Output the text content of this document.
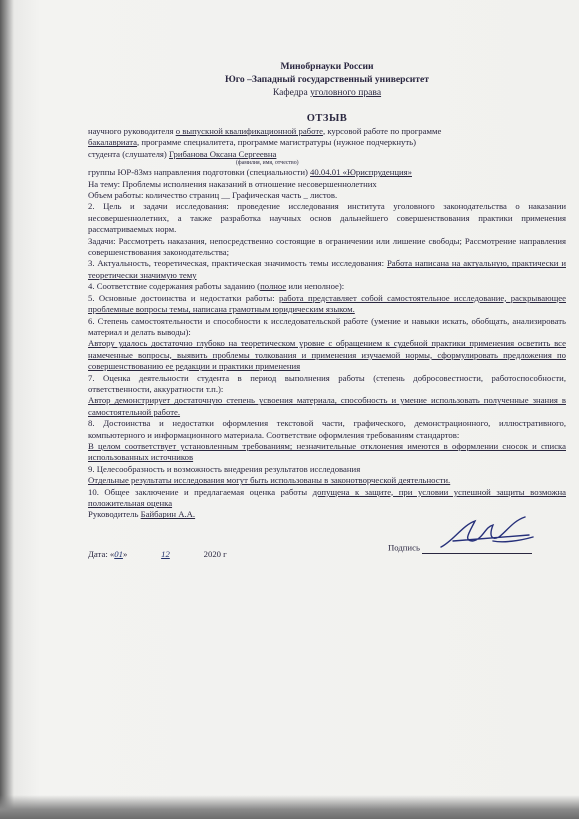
Минобрнауки России

Юго –Западный государственный университет

Кафедра уголовного права

ОТЗЫВ

научного руководителя о выпускной квалификационной работе, курсовой работе по программе

бакалавриата, программе специалитета, программе магистратуры (нужное подчеркнуть)

студента (слушателя) Грибанова Оксана Сергеевна

(фамилия, имя, отчество)

группы ЮР-83мз направления подготовки (специальности) 40.04.01 «Юриспруденция»

На тему: Проблемы исполнения наказаний в отношение несовершеннолетних

Объем работы: количество страниц __ Графическая часть _ листов.

2. Цель и задачи исследования: проведение исследования института уголовного законодательства о наказании несовершеннолетних, а также разработка научных основ дальнейшего совершенствования практики применения рассматриваемых норм.

Задачи: Рассмотреть наказания, непосредственно состоящие в ограничении или лишение свободы; Рассмотрение направления совершенствования законодательства;

3. Актуальность, теоретическая, практическая значимость темы исследования: Работа написана на актуальную, практически и теоретически значимую тему

4. Соответствие содержания работы заданию (полное или неполное):

5. Основные достоинства и недостатки работы: работа представляет собой самостоятельное исследование, раскрывающее проблемные вопросы темы, написана грамотным юридическим языком.

6. Степень самостоятельности и способности к исследовательской работе (умение и навыки искать, обобщать, анализировать материал и делать выводы):

Автору удалось достаточно глубоко на теоретическом уровне с обращением к судебной практики применения осветить все намеченные вопросы, выявить проблемы толкования и применения изучаемой нормы, сформулировать предложения по совершенствованию ее редакции и практики применения

7. Оценка деятельности студента в период выполнения работы (степень добросовестности, работоспособности, ответственности, аккуратности т.п.):

Автор демонстрирует достаточную степень усвоения материала, способность и умение использовать полученные знания в самостоятельной работе.

8. Достоинства и недостатки оформления текстовой части, графического, демонстрационного, иллюстративного, компьютерного и информационного материала. Соответствие оформления требованиям стандартов:

В целом соответствует установленным требованиям; незначительные отклонения имеются в оформлении сносок и списка использованных источников

9. Целесообразность и возможность внедрения результатов исследования

Отдельные результаты исследования могут быть использованы в законотворческой деятельности.

10. Общее заключение и предлагаемая оценка работы допущена к защите, при условии успешной защиты возможна положительная оценка

Руководитель Байбарин А.А.

Дата: «01»	12	2020 г
Подпись
